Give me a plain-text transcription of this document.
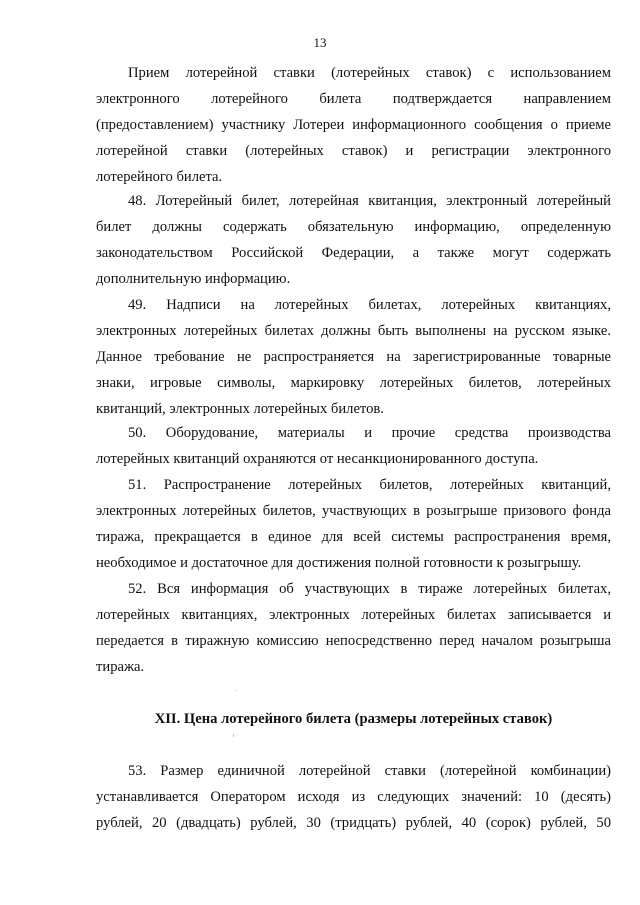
13
Прием лотерейной ставки (лотерейных ставок) с использованием
электронного лотерейного билета подтверждается направлением
(предоставлением) участнику Лотереи информационного сообщения о приеме
лотерейной ставки (лотерейных ставок) и регистрации электронного
лотерейного билета.
48. Лотерейный билет, лотерейная квитанция, электронный лотерейный
билет должны содержать обязательную информацию, определенную
законодательством Российской Федерации, а также могут содержать
дополнительную информацию.
49. Надписи на лотерейных билетах, лотерейных квитанциях,
электронных лотерейных билетах должны быть выполнены на русском языке.
Данное требование не распространяется на зарегистрированные товарные
знаки, игровые символы, маркировку лотерейных билетов, лотерейных
квитанций, электронных лотерейных билетов.
50. Оборудование, материалы и прочие средства производства
лотерейных квитанций охраняются от несанкционированного доступа.
51. Распространение лотерейных билетов, лотерейных квитанций,
электронных лотерейных билетов, участвующих в розыгрыше призового фонда
тиража, прекращается в единое для всей системы распространения время,
необходимое и достаточное для достижения полной готовности к розыгрышу.
52. Вся информация об участвующих в тираже лотерейных билетах,
лотерейных квитанциях, электронных лотерейных билетах записывается и
передается в тиражную комиссию непосредственно перед началом розыгрыша
тиража.
XII. Цена лотерейного билета (размеры лотерейных ставок)
53. Размер единичной лотерейной ставки (лотерейной комбинации)
устанавливается Оператором исходя из следующих значений: 10 (десять)
рублей, 20 (двадцать) рублей, 30 (тридцать) рублей, 40 (сорок) рублей, 50
